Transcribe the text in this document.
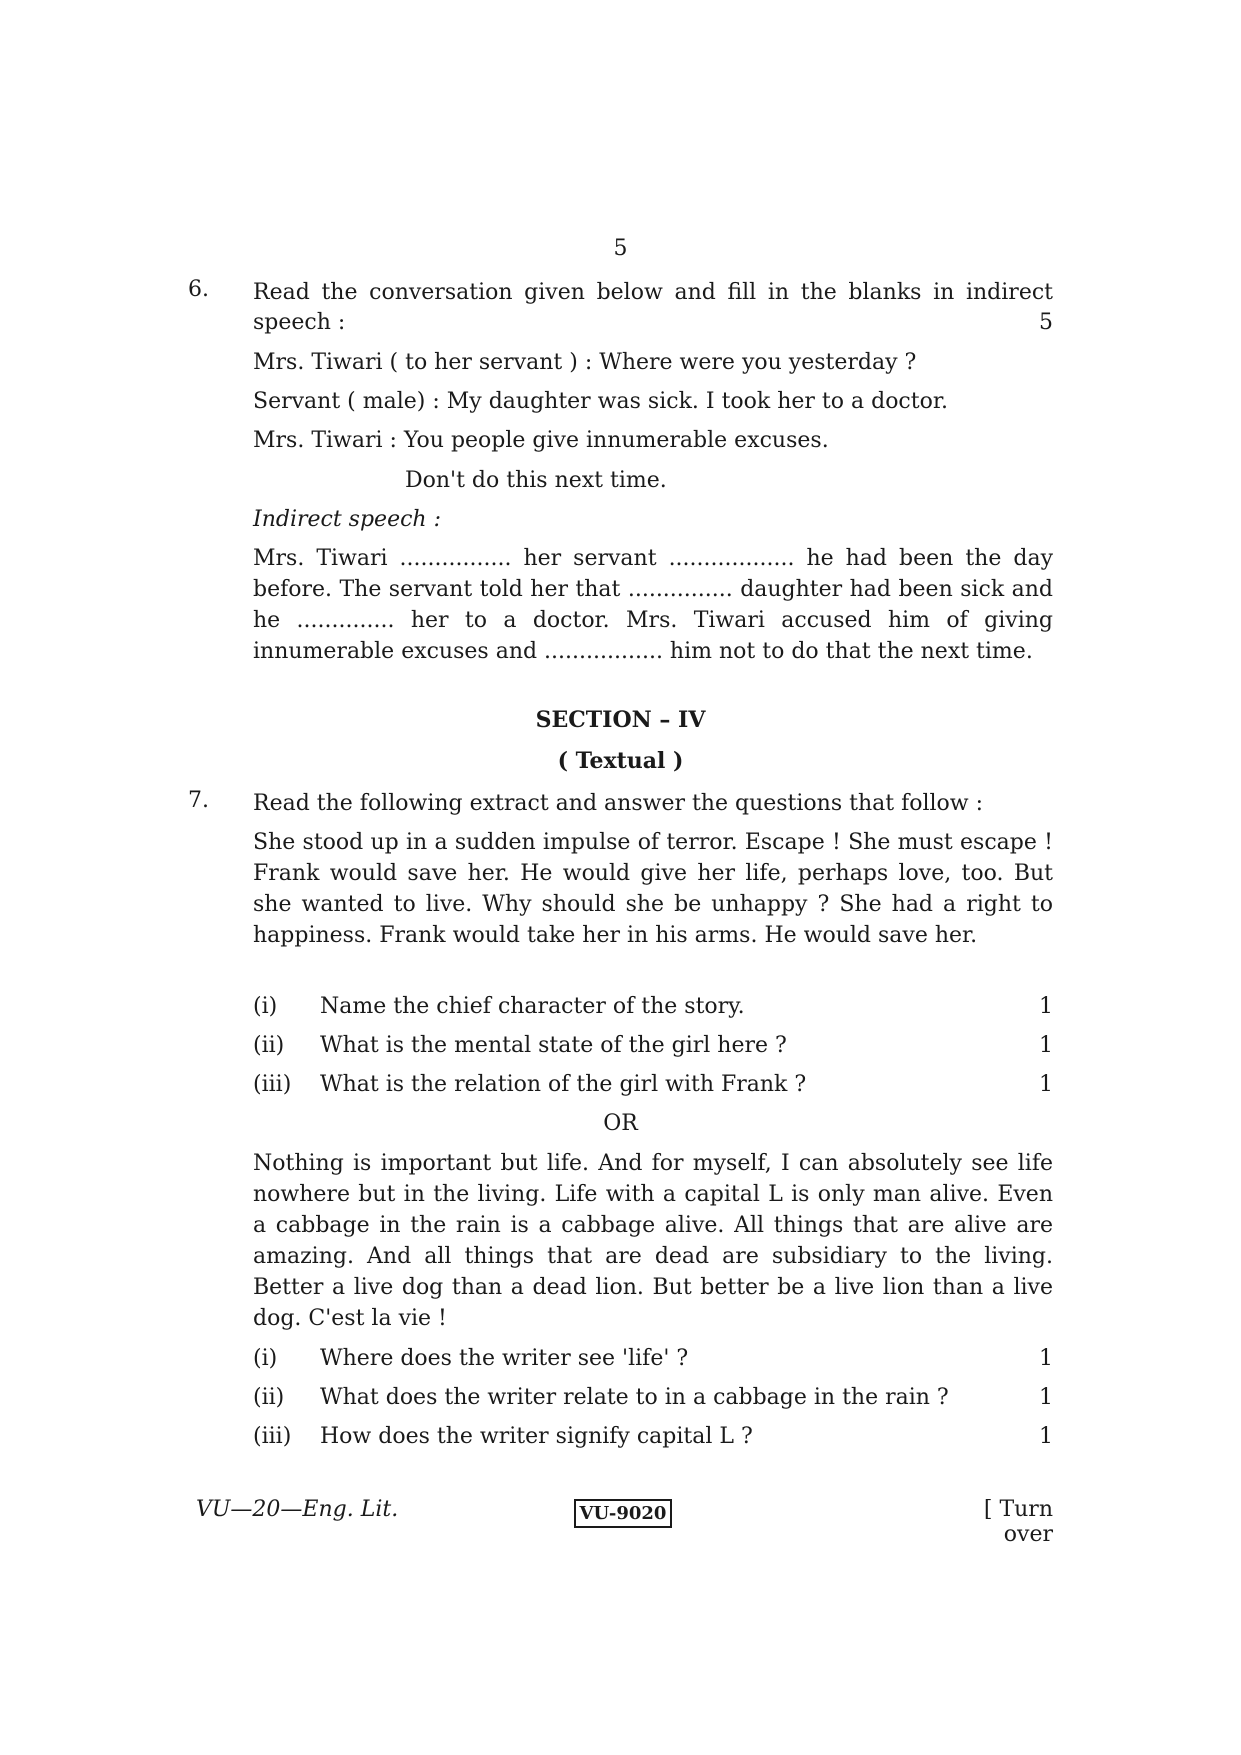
5
6. Read the conversation given below and fill in the blanks in indirect
speech :	5
Mrs. Tiwari ( to her servant ) : Where were you yesterday ?
Servant ( male) : My daughter was sick. I took her to a doctor.
Mrs. Tiwari : You people give innumerable excuses.
Don't do this next time.
Indirect speech :
Mrs. Tiwari ................ her servant .................. he had been the day before. The servant told her that ............... daughter had been sick and he .............. her to a doctor. Mrs. Tiwari accused him of giving innumerable excuses and ................. him not to do that the next time.
SECTION – IV
( Textual )
7. Read the following extract and answer the questions that follow :
She stood up in a sudden impulse of terror. Escape ! She must escape ! Frank would save her. He would give her life, perhaps love, too. But she wanted to live. Why should she be unhappy ? She had a right to happiness. Frank would take her in his arms. He would save her.
(i) Name the chief character of the story.	1
(ii) What is the mental state of the girl here ?	1
(iii) What is the relation of the girl with Frank ?	1
OR
Nothing is important but life. And for myself, I can absolutely see life nowhere but in the living. Life with a capital L is only man alive. Even a cabbage in the rain is a cabbage alive. All things that are alive are amazing. And all things that are dead are subsidiary to the living. Better a live dog than a dead lion. But better be a live lion than a live dog. C'est la vie !
(i) Where does the writer see 'life' ?	1
(ii) What does the writer relate to in a cabbage in the rain ?	1
(iii) How does the writer signify capital L ?	1
VU—20—Eng. Lit.	VU-9020	[ Turn over
